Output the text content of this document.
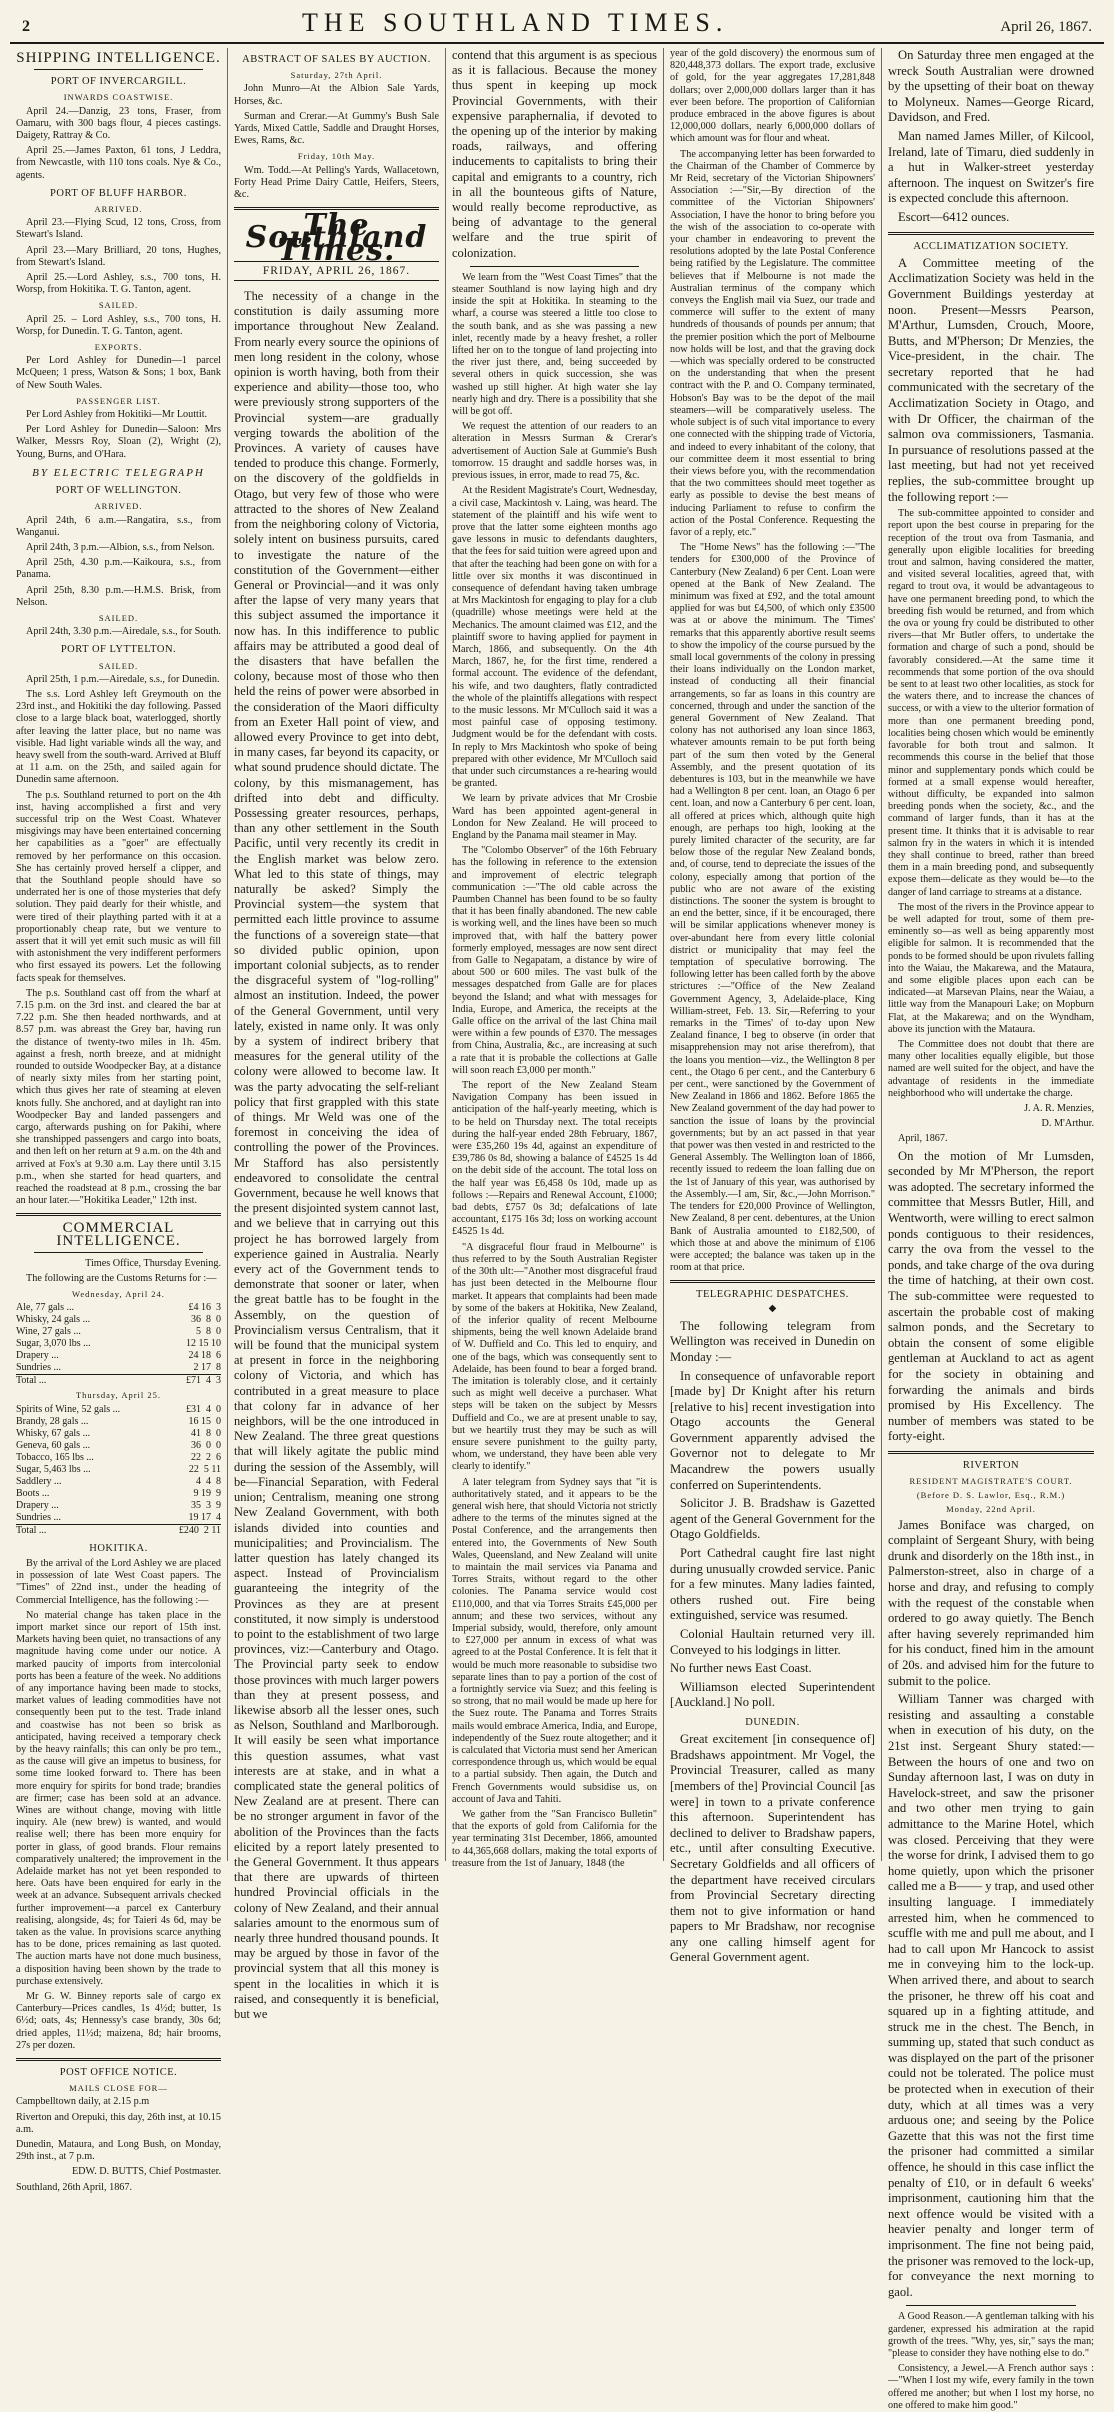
2	THE SOUTHLAND TIMES.	April 26, 1867.
SHIPPING INTELLIGENCE.
PORT OF INVERCARGILL.
INWARDS COASTWISE.

April 24.—Danzig, 23 tons, Fraser, from Oamaru, with 300 bags flour, 4 pieces castings. Daigety, Rattray & Co.

April 25.—James Paxton, 61 tons, J Leddra, from Newcastle, with 110 tons coals. Nye & Co., agents.

PORT OF BLUFF HARBOR.
ARRIVED.

April 23.—Flying Scud, 12 tons, Cross, from Stewart's Island.

April 23.—Mary Brilliard, 20 tons, Hughes, from Stewart's Island.

April 25.—Lord Ashley, s.s., 700 tons, H. Worsp, from Hokitika. T. G. Tanton, agent.

SAILED.

April 25. – Lord Ashley, s.s., 700 tons, H. Worsp, for Dunedin. T. G. Tanton, agent.

EXPORTS.

Per Lord Ashley for Dunedin—1 parcel McQueen; 1 press, Watson & Sons; 1 box, Bank of New South Wales.

PASSENGER LIST.

Per Lord Ashley from Hokitiki—Mr Louttit.

Per Lord Ashley for Dunedin—Saloon: Mrs Walker, Messrs Roy, Sloan (2), Wright (2), Young, Burns, and O'Hara.

BY ELECTRIC TELEGRAPH
PORT OF WELLINGTON.
ARRIVED.

April 24th, 6 a.m.—Rangatira, s.s., from Wanganui.

April 24th, 3 p.m.—Albion, s.s., from Nelson.

April 25th, 4.30 p.m.—Kaikoura, s.s., from Panama.

April 25th, 8.30 p.m.—H.M.S. Brisk, from Nelson.

SAILED.

April 24th, 3.30 p.m.—Airedale, s.s., for South.

PORT OF LYTTELTON.
SAILED.

April 25th, 1 p.m.—Airedale, s.s., for Dunedin.

The s.s. Lord Ashley left Greymouth on the 23rd inst., and Hokitiki the day following. Passed close to a large black boat, waterlogged, shortly after leaving the latter place, but no name was visible. Had light variable winds all the way, and heavy swell from the south-ward. Arrived at Bluff at 11 a.m. on the 25th, and sailed again for Dunedin same afternoon.

The p.s. Southland returned to port on the 4th inst, having accomplished a first and very successful trip on the West Coast. Whatever misgivings may have been entertained concerning her capabilities as a "goer" are effectually removed by her performance on this occasion. She has certainly proved herself a clipper, and that the Southland people should have so underrated her is one of those mysteries that defy solution. They paid dearly for their whistle, and were tired of their plaything parted with it at a proportionably cheap rate, but we venture to assert that it will yet emit such music as will fill with astonishment the very indifferent performers who first essayed its powers. Let the following facts speak for themselves.

The p.s. Southland cast off from the wharf at 7.15 p.m. on the 3rd inst. and cleared the bar at 7.22 p.m. She then headed northwards, and at 8.57 p.m. was abreast the Grey bar, having run the distance of twenty-two miles in 1h. 45m. against a fresh, north breeze, and at midnight rounded to outside Woodpecker Bay, at a distance of nearly sixty miles from her starting point, which thus gives her rate of steaming at eleven knots fully. She anchored, and at daylight ran into Woodpecker Bay and landed passengers and cargo, afterwards pushing on for Pakihi, where she transhipped passengers and cargo into boats, and then left on her return at 9 a.m. on the 4th and arrived at Fox's at 9.30 a.m. Lay there until 3.15 p.m., when she started for head quarters, and reached the roadstead at 8 p.m., crossing the bar an hour later.—"Hokitika Leader," 12th inst.

COMMERCIAL INTELLIGENCE.

Times Office, Thursday Evening.

The following are the Customs Returns for :—

Wednesday, April 24.
Ale, 77 gals ...	£4 16  3
Whisky, 24 gals ...	36  8  0
Wine, 27 gals ...	5  8  0
Sugar, 3,070 lbs ...	12 15 10
Drapery ...	24 18  6
Sundries ...	2 17  8
Total ...	£71  4  3
Thursday, April 25.
Spirits of Wine, 52 gals ...	£31  4  0
Brandy, 28 gals ...	16 15  0
Whisky, 67 gals ...	41  8  0
Geneva, 60 gals ...	36  0  0
Tobacco, 165 lbs ...	22  2  6
Sugar, 5,463 lbs ...	22  5 11
Saddlery ...	4  4  8
Boots ...	9 19  9
Drapery ...	35  3  9
Sundries ...	19 17  4
Total ...	£240  2 11
HOKITIKA.

By the arrival of the Lord Ashley we are placed in possession of late West Coast papers. The "Times" of 22nd inst., under the heading of Commercial Intelligence, has the following :—

No material change has taken place in the import market since our report of 15th inst. Markets having been quiet, no transactions of any magnitude having come under our notice. A marked paucity of imports from intercolonial ports has been a feature of the week. No additions of any importance having been made to stocks, market values of leading commodities have not consequently been put to the test. Trade inland and coastwise has not been so brisk as anticipated, having received a temporary check by the heavy rainfalls; this can only be pro tem., as the cause will give an impetus to business, for some time looked forward to. There has been more enquiry for spirits for bond trade; brandies are firmer; case has been sold at an advance. Wines are without change, moving with little inquiry. Ale (new brew) is wanted, and would realise well; there has been more enquiry for porter in glass, of good brands. Flour remains comparatively unaltered; the improvement in the Adelaide market has not yet been responded to here. Oats have been enquired for early in the week at an advance. Subsequent arrivals checked further improvement—a parcel ex Canterbury realising, alongside, 4s; for Taieri 4s 6d, may be taken as the value. In provisions scarce anything has to be done, prices remaining as last quoted. The auction marts have not done much business, a disposition having been shown by the trade to purchase extensively.

Mr G. W. Binney reports sale of cargo ex Canterbury—Prices candles, 1s 4½d; butter, 1s 6½d; oats, 4s; Hennessy's case brandy, 30s 6d; dried apples, 11½d; maizena, 8d; hair brooms, 27s per dozen.

POST OFFICE NOTICE.
MAILS CLOSE FOR—

Campbelltown daily, at 2.15 p.m

Riverton and Orepuki, this day, 26th inst, at 10.15 a.m.

Dunedin, Mataura, and Long Bush, on Monday, 29th inst., at 7 p.m.

EDW. D. BUTTS, Chief Postmaster.

Southland, 26th April, 1867.

ABSTRACT OF SALES BY AUCTION.
Saturday, 27th April.

John Munro—At the Albion Sale Yards, Horses, &c.

Surman and Crerar.—At Gummy's Bush Sale Yards, Mixed Cattle, Saddle and Draught Horses, Ewes, Rams, &c.

Friday, 10th May.

Wm. Todd.—At Pelling's Yards, Wallacetown, Forty Head Prime Dairy Cattle, Heifers, Steers, &c.

The Southland Times.
FRIDAY, APRIL 26, 1867.

The necessity of a change in the constitution is daily assuming more importance throughout New Zealand. From nearly every source the opinions of men long resident in the colony, whose opinion is worth having, both from their experience and ability—those too, who were previously strong supporters of the Provincial system—are gradually verging towards the abolition of the Provinces. A variety of causes have tended to produce this change. Formerly, on the discovery of the goldfields in Otago, but very few of those who were attracted to the shores of New Zealand from the neighboring colony of Victoria, solely intent on business pursuits, cared to investigate the nature of the constitution of the Government—either General or Provincial—and it was only after the lapse of very many years that this subject assumed the importance it now has. In this indifference to public affairs may be attributed a good deal of the disasters that have befallen the colony, because most of those who then held the reins of power were absorbed in the consideration of the Maori difficulty from an Exeter Hall point of view, and allowed every Province to get into debt, in many cases, far beyond its capacity, or what sound prudence should dictate. The colony, by this mismanagement, has drifted into debt and difficulty. Possessing greater resources, perhaps, than any other settlement in the South Pacific, until very recently its credit in the English market was below zero. What led to this state of things, may naturally be asked? Simply the Provincial system—the system that permitted each little province to assume the functions of a sovereign state—that so divided public opinion, upon important colonial subjects, as to render the disgraceful system of "log-rolling" almost an institution. Indeed, the power of the General Government, until very lately, existed in name only. It was only by a system of indirect bribery that measures for the general utility of the colony were allowed to become law. It was the party advocating the self-reliant policy that first grappled with this state of things. Mr Weld was one of the foremost in conceiving the idea of controlling the power of the Provinces. Mr Stafford has also persistently endeavored to consolidate the central Government, because he well knows that the present disjointed system cannot last, and we believe that in carrying out this project he has borrowed largely from experience gained in Australia. Nearly every act of the Government tends to demonstrate that sooner or later, when the great battle has to be fought in the Assembly, on the question of Provincialism versus Centralism, that it will be found that the municipal system at present in force in the neighboring colony of Victoria, and which has contributed in a great measure to place that colony far in advance of her neighbors, will be the one introduced in New Zealand. The three great questions that will likely agitate the public mind during the session of the Assembly, will be—Financial Separation, with Federal union; Centralism, meaning one strong New Zealand Government, with both islands divided into counties and municipalities; and Provincialism. The latter question has lately changed its aspect. Instead of Provincialism guaranteeing the integrity of the Provinces as they are at present constituted, it now simply is understood to point to the establishment of two large provinces, viz:—Canterbury and Otago. The Provincial party seek to endow those provinces with much larger powers than they at present possess, and likewise absorb all the lesser ones, such as Nelson, Southland and Marlborough. It will easily be seen what importance this question assumes, what vast interests are at stake, and in what a complicated state the general politics of New Zealand are at present. There can be no stronger argument in favor of the abolition of the Provinces than the facts elicited by a report lately presented to the General Government. It thus appears that there are upwards of thirteen hundred Provincial officials in the colony of New Zealand, and their annual salaries amount to the enormous sum of nearly three hundred thousand pounds. It may be argued by those in favor of the provincial system that all this money is spent in the localities in which it is raised, and consequently it is beneficial, but we

contend that this argument is as specious as it is fallacious. Because the money thus spent in keeping up mock Provincial Governments, with their expensive paraphernalia, if devoted to the opening up of the interior by making roads, railways, and offering inducements to capitalists to bring their capital and emigrants to a country, rich in all the bounteous gifts of Nature, would really become reproductive, as being of advantage to the general welfare and the true spirit of colonization.

We learn from the "West Coast Times" that the steamer Southland is now laying high and dry inside the spit at Hokitika. In steaming to the wharf, a course was steered a little too close to the south bank, and as she was passing a new inlet, recently made by a heavy freshet, a roller lifted her on to the tongue of land projecting into the river just there, and, being succeeded by several others in quick succession, she was washed up still higher. At high water she lay nearly high and dry. There is a possibility that she will be got off.

We request the attention of our readers to an alteration in Messrs Surman & Crerar's advertisement of Auction Sale at Gummie's Bush tomorrow. 15 draught and saddle horses was, in previous issues, in error, made to read 75, &c.

At the Resident Magistrate's Court, Wednesday, a civil case, Mackintosh v. Laing, was heard. The statement of the plaintiff and his wife went to prove that the latter some eighteen months ago gave lessons in music to defendants daughters, that the fees for said tuition were agreed upon and that after the teaching had been gone on with for a little over six months it was discontinued in consequence of defendant having taken umbrage at Mrs Mackintosh for engaging to play for a club (quadrille) whose meetings were held at the Mechanics. The amount claimed was £12, and the plaintiff swore to having applied for payment in March, 1866, and subsequently. On the 4th March, 1867, he, for the first time, rendered a formal account. The evidence of the defendant, his wife, and two daughters, flatly contradicted the whole of the plaintiffs allegations with respect to the music lessons. Mr M'Culloch said it was a most painful case of opposing testimony. Judgment would be for the defendant with costs. In reply to Mrs Mackintosh who spoke of being prepared with other evidence, Mr M'Culloch said that under such circumstances a re-hearing would be granted.

We learn by private advices that Mr Crosbie Ward has been appointed agent-general in London for New Zealand. He will proceed to England by the Panama mail steamer in May.

The "Colombo Observer" of the 16th February has the following in reference to the extension and improvement of electric telegraph communication :—"The old cable across the Paumben Channel has been found to be so faulty that it has been finally abandoned. The new cable is working well, and the lines have been so much improved that, with half the battery power formerly employed, messages are now sent direct from Galle to Negapatam, a distance by wire of about 500 or 600 miles. The vast bulk of the messages despatched from Galle are for places beyond the Island; and what with messages for India, Europe, and America, the receipts at the Galle office on the arrival of the last China mail were within a few pounds of £370. The messages from China, Australia, &c., are increasing at such a rate that it is probable the collections at Galle will soon reach £3,000 per month."

The report of the New Zealand Steam Navigation Company has been issued in anticipation of the half-yearly meeting, which is to be held on Thursday next. The total receipts during the half-year ended 28th February, 1867, were £35,260 19s 4d, against an expenditure of £39,786 0s 8d, showing a balance of £4525 1s 4d on the debit side of the account. The total loss on the half year was £6,458 0s 10d, made up as follows :—Repairs and Renewal Account, £1000; bad debts, £757 0s 3d; defalcations of late accountant, £175 16s 3d; loss on working account £4525 1s 4d.

"A disgraceful flour fraud in Melbourne" is thus referred to by the South Australian Register of the 30th ult:—"Another most disgraceful fraud has just been detected in the Melbourne flour market. It appears that complaints had been made by some of the bakers at Hokitika, New Zealand, of the inferior quality of recent Melbourne shipments, being the well known Adelaide brand of W. Duffield and Co. This led to enquiry, and one of the bags, which was consequently sent to Adelaide, has been found to bear a forged brand. The imitation is tolerably close, and it certainly such as might well deceive a purchaser. What steps will be taken on the subject by Messrs Duffield and Co., we are at present unable to say, but we heartily trust they may be such as will ensure severe punishment to the guilty party, whom, we understand, they have been able very clearly to identify."

A later telegram from Sydney says that "it is authoritatively stated, and it appears to be the general wish here, that should Victoria not strictly adhere to the terms of the minutes signed at the Postal Conference, and the arrangements then entered into, the Governments of New South Wales, Queensland, and New Zealand will unite to maintain the mail services via Panama and Torres Straits, without regard to the other colonies. The Panama service would cost £110,000, and that via Torres Straits £45,000 per annum; and these two services, without any Imperial subsidy, would, therefore, only amount to £27,000 per annum in excess of what was agreed to at the Postal Conference. It is felt that it would be much more reasonable to subsidise two separate lines than to pay a portion of the cost of a fortnightly service via Suez; and this feeling is so strong, that no mail would be made up here for the Suez route. The Panama and Torres Straits mails would embrace America, India, and Europe, independently of the Suez route altogether; and it is calculated that Victoria must send her American correspondence through us, which would be equal to a partial subsidy. Then again, the Dutch and French Governments would subsidise us, on account of Java and Tahiti.

We gather from the "San Francisco Bulletin" that the exports of gold from California for the year terminating 31st December, 1866, amounted to 44,365,668 dollars, making the total exports of treasure from the 1st of January, 1848 (the

year of the gold discovery) the enormous sum of 820,448,373 dollars. The export trade, exclusive of gold, for the year aggregates 17,281,848 dollars; over 2,000,000 dollars larger than it has ever been before. The proportion of Californian produce embraced in the above figures is about 12,000,000 dollars, nearly 6,000,000 dollars of which amount was for flour and wheat.

The accompanying letter has been forwarded to the Chairman of the Chamber of Commerce by Mr Reid, secretary of the Victorian Shipowners' Association :—"Sir,—By direction of the committee of the Victorian Shipowners' Association, I have the honor to bring before you the wish of the association to co-operate with your chamber in endeavoring to prevent the resolutions adopted by the late Postal Conference being ratified by the Legislature. The committee believes that if Melbourne is not made the Australian terminus of the company which conveys the English mail via Suez, our trade and commerce will suffer to the extent of many hundreds of thousands of pounds per annum; that the premier position which the port of Melbourne now holds will be lost, and that the graving dock—which was specially ordered to be constructed on the understanding that when the present contract with the P. and O. Company terminated, Hobson's Bay was to be the depot of the mail steamers—will be comparatively useless. The whole subject is of such vital importance to every one connected with the shipping trade of Victoria, and indeed to every inhabitant of the colony, that our committee deem it most essential to bring their views before you, with the recommendation that the two committees should meet together as early as possible to devise the best means of inducing Parliament to refuse to confirm the action of the Postal Conference. Requesting the favor of a reply, etc."

The "Home News" has the following :—"The tenders for £300,000 of the Province of Canterbury (New Zealand) 6 per Cent. Loan were opened at the Bank of New Zealand. The minimum was fixed at £92, and the total amount applied for was but £4,500, of which only £3500 was at or above the minimum. The 'Times' remarks that this apparently abortive result seems to show the impolicy of the course pursued by the small local governments of the colony in pressing their loans individually on the London market, instead of conducting all their financial arrangements, so far as loans in this country are concerned, through and under the sanction of the general Government of New Zealand. That colony has not authorised any loan since 1863, whatever amounts remain to be put forth being part of the sum then voted by the General Assembly, and the present quotation of its debentures is 103, but in the meanwhile we have had a Wellington 8 per cent. loan, an Otago 6 per cent. loan, and now a Canterbury 6 per cent. loan, all offered at prices which, although quite high enough, are perhaps too high, looking at the purely limited character of the security, are far below those of the regular New Zealand bonds, and, of course, tend to depreciate the issues of the colony, especially among that portion of the public who are not aware of the existing distinctions. The sooner the system is brought to an end the better, since, if it be encouraged, there will be similar applications whenever money is over-abundant here from every little colonial district or municipality that may feel the temptation of speculative borrowing. The following letter has been called forth by the above strictures :—"Office of the New Zealand Government Agency, 3, Adelaide-place, King William-street, Feb. 13. Sir,—Referring to your remarks in the 'Times' of to-day upon New Zealand finance, I beg to observe (in order that misapprehension may not arise therefrom), that the loans you mention—viz., the Wellington 8 per cent., the Otago 6 per cent., and the Canterbury 6 per cent., were sanctioned by the Government of New Zealand in 1866 and 1862. Before 1865 the New Zealand government of the day had power to sanction the issue of loans by the provincial governments; but by an act passed in that year that power was then vested in and restricted to the General Assembly. The Wellington loan of 1866, recently issued to redeem the loan falling due on the 1st of January of this year, was authorised by the Assembly.—I am, Sir, &c.,—John Morrison." The tenders for £20,000 Province of Wellington, New Zealand, 8 per cent. debentures, at the Union Bank of Australia amounted to £182,500, of which those at and above the minimum of £106 were accepted; the balance was taken up in the room at that price.

TELEGRAPHIC DESPATCHES.
◆

The following telegram from Wellington was received in Dunedin on Monday :—

In consequence of unfavorable report [made by] Dr Knight after his return [relative to his] recent investigation into Otago accounts the General Government apparently advised the Governor not to delegate to Mr Macandrew the powers usually conferred on Superintendents.

Solicitor J. B. Bradshaw is Gazetted agent of the General Government for the Otago Goldfields.

Port Cathedral caught fire last night during unusually crowded service. Panic for a few minutes. Many ladies fainted, others rushed out. Fire being extinguished, service was resumed.

Colonial Haultain returned very ill. Conveyed to his lodgings in litter.

No further news East Coast.

Williamson elected Superintendent [Auckland.] No poll.

DUNEDIN.

Great excitement [in consequence of] Bradshaws appointment. Mr Vogel, the Provincial Treasurer, called as many [members of the] Provincial Council [as were] in town to a private conference this afternoon. Superintendent has declined to deliver to Bradshaw papers, etc., until after consulting Executive. Secretary Goldfields and all officers of the department have received circulars from Provincial Secretary directing them not to give information or hand papers to Mr Bradshaw, nor recognise any one calling himself agent for General Government agent.

On Saturday three men engaged at the wreck South Australian were drowned by the upsetting of their boat on theway to Molyneux. Names—George Ricard, Davidson, and Fred.

Man named James Miller, of Kilcool, Ireland, late of Timaru, died suddenly in a hut in Walker-street yesterday afternoon. The inquest on Switzer's fire is expected conclude this afternoon.

Escort—6412 ounces.

ACCLIMATIZATION SOCIETY.

A Committee meeting of the Acclimatization Society was held in the Government Buildings yesterday at noon. Present—Messrs Pearson, M'Arthur, Lumsden, Crouch, Moore, Butts, and M'Pherson; Dr Menzies, the Vice-president, in the chair. The secretary reported that he had communicated with the secretary of the Acclimatization Society in Otago, and with Dr Officer, the chairman of the salmon ova commissioners, Tasmania. In pursuance of resolutions passed at the last meeting, but had not yet received replies, the sub-committee brought up the following report :—

The sub-committee appointed to consider and report upon the best course in preparing for the reception of the trout ova from Tasmania, and generally upon eligible localities for breeding trout and salmon, having considered the matter, and visited several localities, agreed that, with regard to trout ova, it would be advantageous to have one permanent breeding pond, to which the breeding fish would be returned, and from which the ova or young fry could be distributed to other rivers—that Mr Butler offers, to undertake the formation and charge of such a pond, should be favorably considered.—At the same time it recommends that some portion of the ova should be sent to at least two other localities, as stock for the waters there, and to increase the chances of success, or with a view to the ulterior formation of more than one permanent breeding pond, localities being chosen which would be eminently favorable for both trout and salmon. It recommends this course in the belief that those minor and supplementary ponds which could be formed at a small expense would hereafter, without difficulty, be expanded into salmon breeding ponds when the society, &c., and the command of larger funds, than it has at the present time. It thinks that it is advisable to rear salmon fry in the waters in which it is intended they shall continue to breed, rather than breed them in a main breeding pond, and subsequently expose them—delicate as they would be—to the danger of land carriage to streams at a distance.

The most of the rivers in the Province appear to be well adapted for trout, some of them pre-eminently so—as well as being apparently most eligible for salmon. It is recommended that the ponds to be formed should be upon rivulets falling into the Waiau, the Makarewa, and the Mataura, and some eligible places upon each can be indicated—at Marsevan Plains, near the Waiau, a little way from the Manapouri Lake; on Mopburn Flat, at the Makarewa; and on the Wyndham, above its junction with the Mataura.

The Committee does not doubt that there are many other localities equally eligible, but those named are well suited for the object, and have the advantage of residents in the immediate neighborhood who will undertake the charge.

J. A. R. Menzies,

D. M'Arthur.

April, 1867.

On the motion of Mr Lumsden, seconded by Mr M'Pherson, the report was adopted. The secretary informed the committee that Messrs Butler, Hill, and Wentworth, were willing to erect salmon ponds contiguous to their residences, carry the ova from the vessel to the ponds, and take charge of the ova during the time of hatching, at their own cost. The sub-committee were requested to ascertain the probable cost of making salmon ponds, and the Secretary to obtain the consent of some eligible gentleman at Auckland to act as agent for the society in obtaining and forwarding the animals and birds promised by His Excellency. The number of members was stated to be forty-eight.

RIVERTON
RESIDENT MAGISTRATE'S COURT.
(Before D. S. Lawlor, Esq., R.M.)
Monday, 22nd April.

James Boniface was charged, on complaint of Sergeant Shury, with being drunk and disorderly on the 18th inst., in Palmerston-street, also in charge of a horse and dray, and refusing to comply with the request of the constable when ordered to go away quietly. The Bench after having severely reprimanded him for his conduct, fined him in the amount of 20s. and advised him for the future to submit to the police.

William Tanner was charged with resisting and assaulting a constable when in execution of his duty, on the 21st inst. Sergeant Shury stated:—Between the hours of one and two on Sunday afternoon last, I was on duty in Havelock-street, and saw the prisoner and two other men trying to gain admittance to the Marine Hotel, which was closed. Perceiving that they were the worse for drink, I advised them to go home quietly, upon which the prisoner called me a B—— y trap, and used other insulting language. I immediately arrested him, when he commenced to scuffle with me and pull me about, and I had to call upon Mr Hancock to assist me in conveying him to the lock-up. When arrived there, and about to search the prisoner, he threw off his coat and squared up in a fighting attitude, and struck me in the chest. The Bench, in summing up, stated that such conduct as was displayed on the part of the prisoner could not be tolerated. The police must be protected when in execution of their duty, which at all times was a very arduous one; and seeing by the Police Gazette that this was not the first time the prisoner had committed a similar offence, he should in this case inflict the penalty of £10, or in default 6 weeks' imprisonment, cautioning him that the next offence would be visited with a heavier penalty and longer term of imprisonment. The fine not being paid, the prisoner was removed to the lock-up, for conveyance the next morning to gaol.

A Good Reason.—A gentleman talking with his gardener, expressed his admiration at the rapid growth of the trees. "Why, yes, sir," says the man; "please to consider they have nothing else to do."

Consistency, a Jewel.—A French author says :—"When I lost my wife, every family in the town offered me another; but when I lost my horse, no one offered to make him good."
